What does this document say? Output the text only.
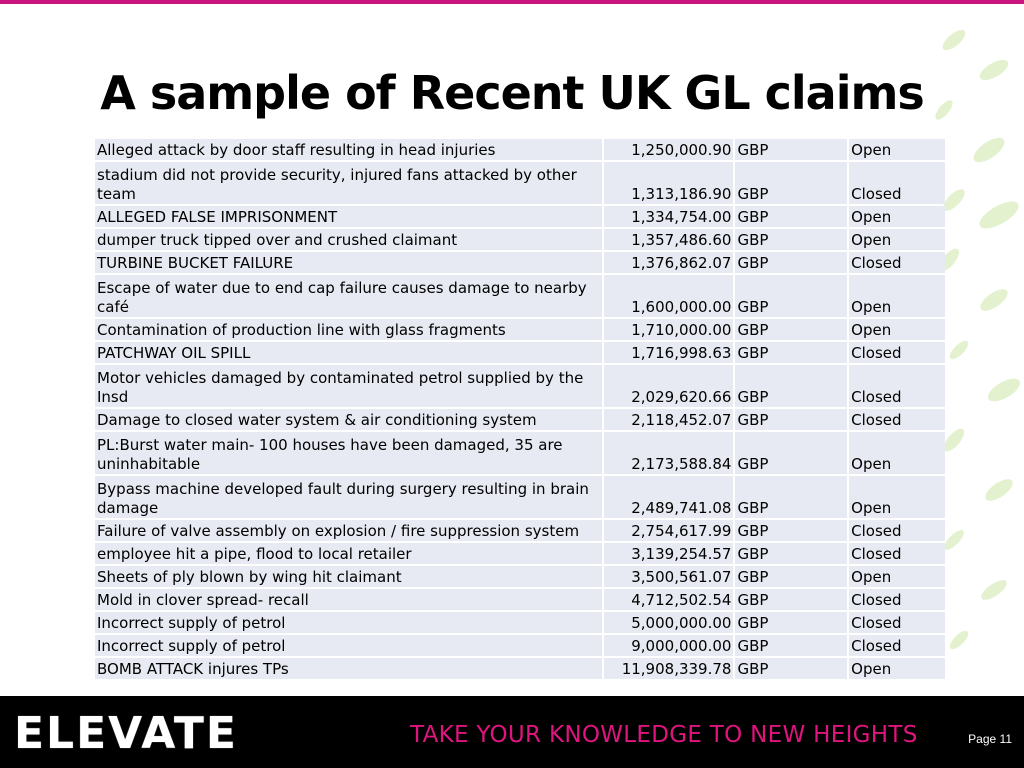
A sample of Recent UK GL claims
Alleged attack by door staff resulting in head injuries	1,250,000.90	GBP	Open
stadium did not provide security, injured fans attacked by other team	1,313,186.90	GBP	Closed
ALLEGED FALSE IMPRISONMENT	1,334,754.00	GBP	Open
dumper truck tipped over and crushed claimant	1,357,486.60	GBP	Open
TURBINE BUCKET FAILURE	1,376,862.07	GBP	Closed
Escape of water due to end cap failure causes damage to nearby café	1,600,000.00	GBP	Open
Contamination of production line with glass fragments	1,710,000.00	GBP	Open
PATCHWAY OIL SPILL	1,716,998.63	GBP	Closed
Motor vehicles damaged by contaminated petrol supplied by the Insd	2,029,620.66	GBP	Closed
Damage to closed water system & air conditioning system	2,118,452.07	GBP	Closed
PL:Burst water main- 100 houses have been damaged, 35 are uninhabitable	2,173,588.84	GBP	Open
Bypass machine developed fault during surgery resulting in brain damage	2,489,741.08	GBP	Open
Failure of valve assembly on explosion / fire suppression system	2,754,617.99	GBP	Closed
employee hit a pipe, flood to local retailer	3,139,254.57	GBP	Closed
Sheets of ply blown by wing hit claimant	3,500,561.07	GBP	Open
Mold in clover spread- recall	4,712,502.54	GBP	Closed
Incorrect supply of petrol	5,000,000.00	GBP	Closed
Incorrect supply of petrol	9,000,000.00	GBP	Closed
BOMB ATTACK injures TPs	11,908,339.78	GBP	Open
ELEVATE	TAKE YOUR KNOWLEDGE TO NEW HEIGHTS	Page 11
